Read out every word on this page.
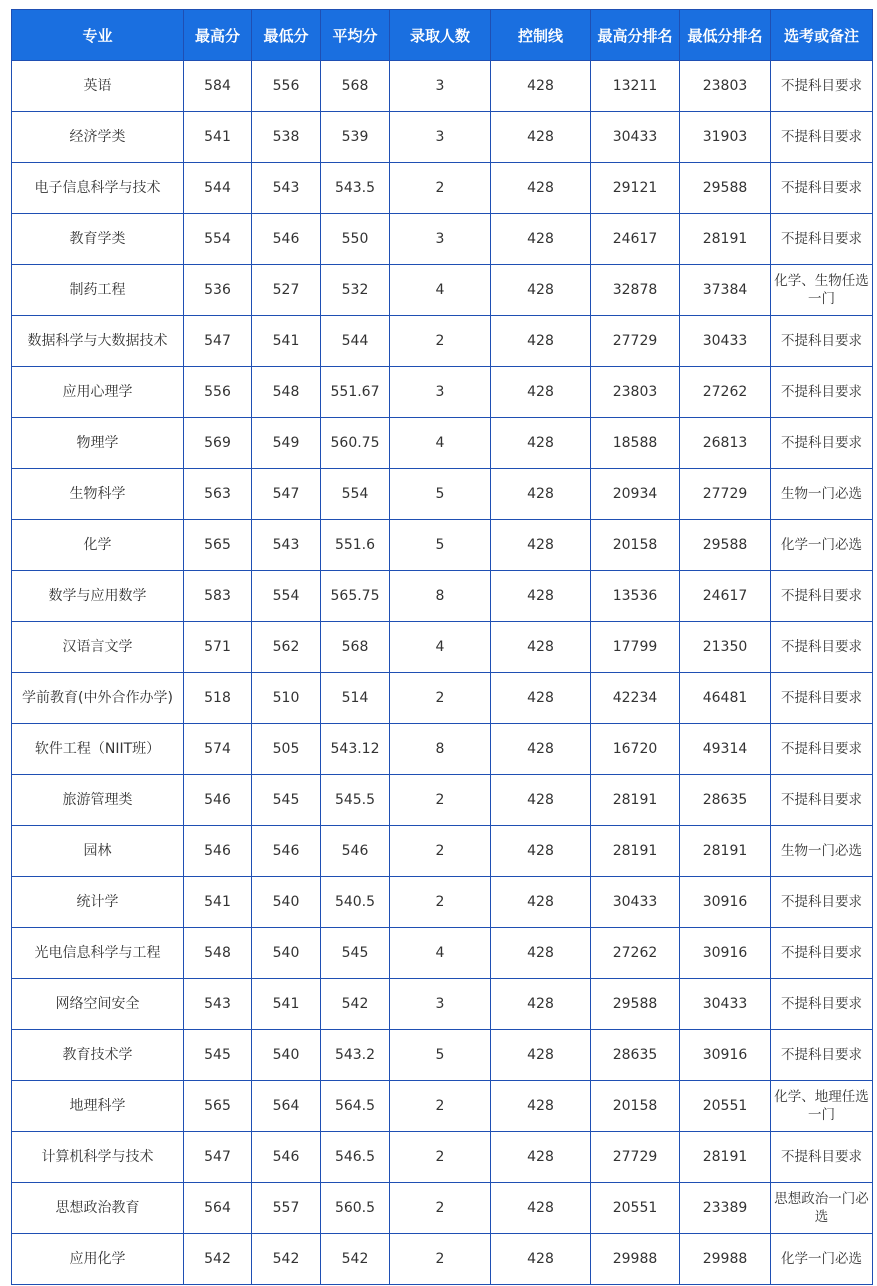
专业	最高分	最低分	平均分	录取人数	控制线	最高分排名	最低分排名	选考或备注
英语	584	556	568	3	428	13211	23803	不提科目要求
经济学类	541	538	539	3	428	30433	31903	不提科目要求
电子信息科学与技术	544	543	543.5	2	428	29121	29588	不提科目要求
教育学类	554	546	550	3	428	24617	28191	不提科目要求
制药工程	536	527	532	4	428	32878	37384	化学、生物任选一门
数据科学与大数据技术	547	541	544	2	428	27729	30433	不提科目要求
应用心理学	556	548	551.67	3	428	23803	27262	不提科目要求
物理学	569	549	560.75	4	428	18588	26813	不提科目要求
生物科学	563	547	554	5	428	20934	27729	生物一门必选
化学	565	543	551.6	5	428	20158	29588	化学一门必选
数学与应用数学	583	554	565.75	8	428	13536	24617	不提科目要求
汉语言文学	571	562	568	4	428	17799	21350	不提科目要求
学前教育(中外合作办学)	518	510	514	2	428	42234	46481	不提科目要求
软件工程（NIIT班）	574	505	543.12	8	428	16720	49314	不提科目要求
旅游管理类	546	545	545.5	2	428	28191	28635	不提科目要求
园林	546	546	546	2	428	28191	28191	生物一门必选
统计学	541	540	540.5	2	428	30433	30916	不提科目要求
光电信息科学与工程	548	540	545	4	428	27262	30916	不提科目要求
网络空间安全	543	541	542	3	428	29588	30433	不提科目要求
教育技术学	545	540	543.2	5	428	28635	30916	不提科目要求
地理科学	565	564	564.5	2	428	20158	20551	化学、地理任选一门
计算机科学与技术	547	546	546.5	2	428	27729	28191	不提科目要求
思想政治教育	564	557	560.5	2	428	20551	23389	思想政治一门必选
应用化学	542	542	542	2	428	29988	29988	化学一门必选
